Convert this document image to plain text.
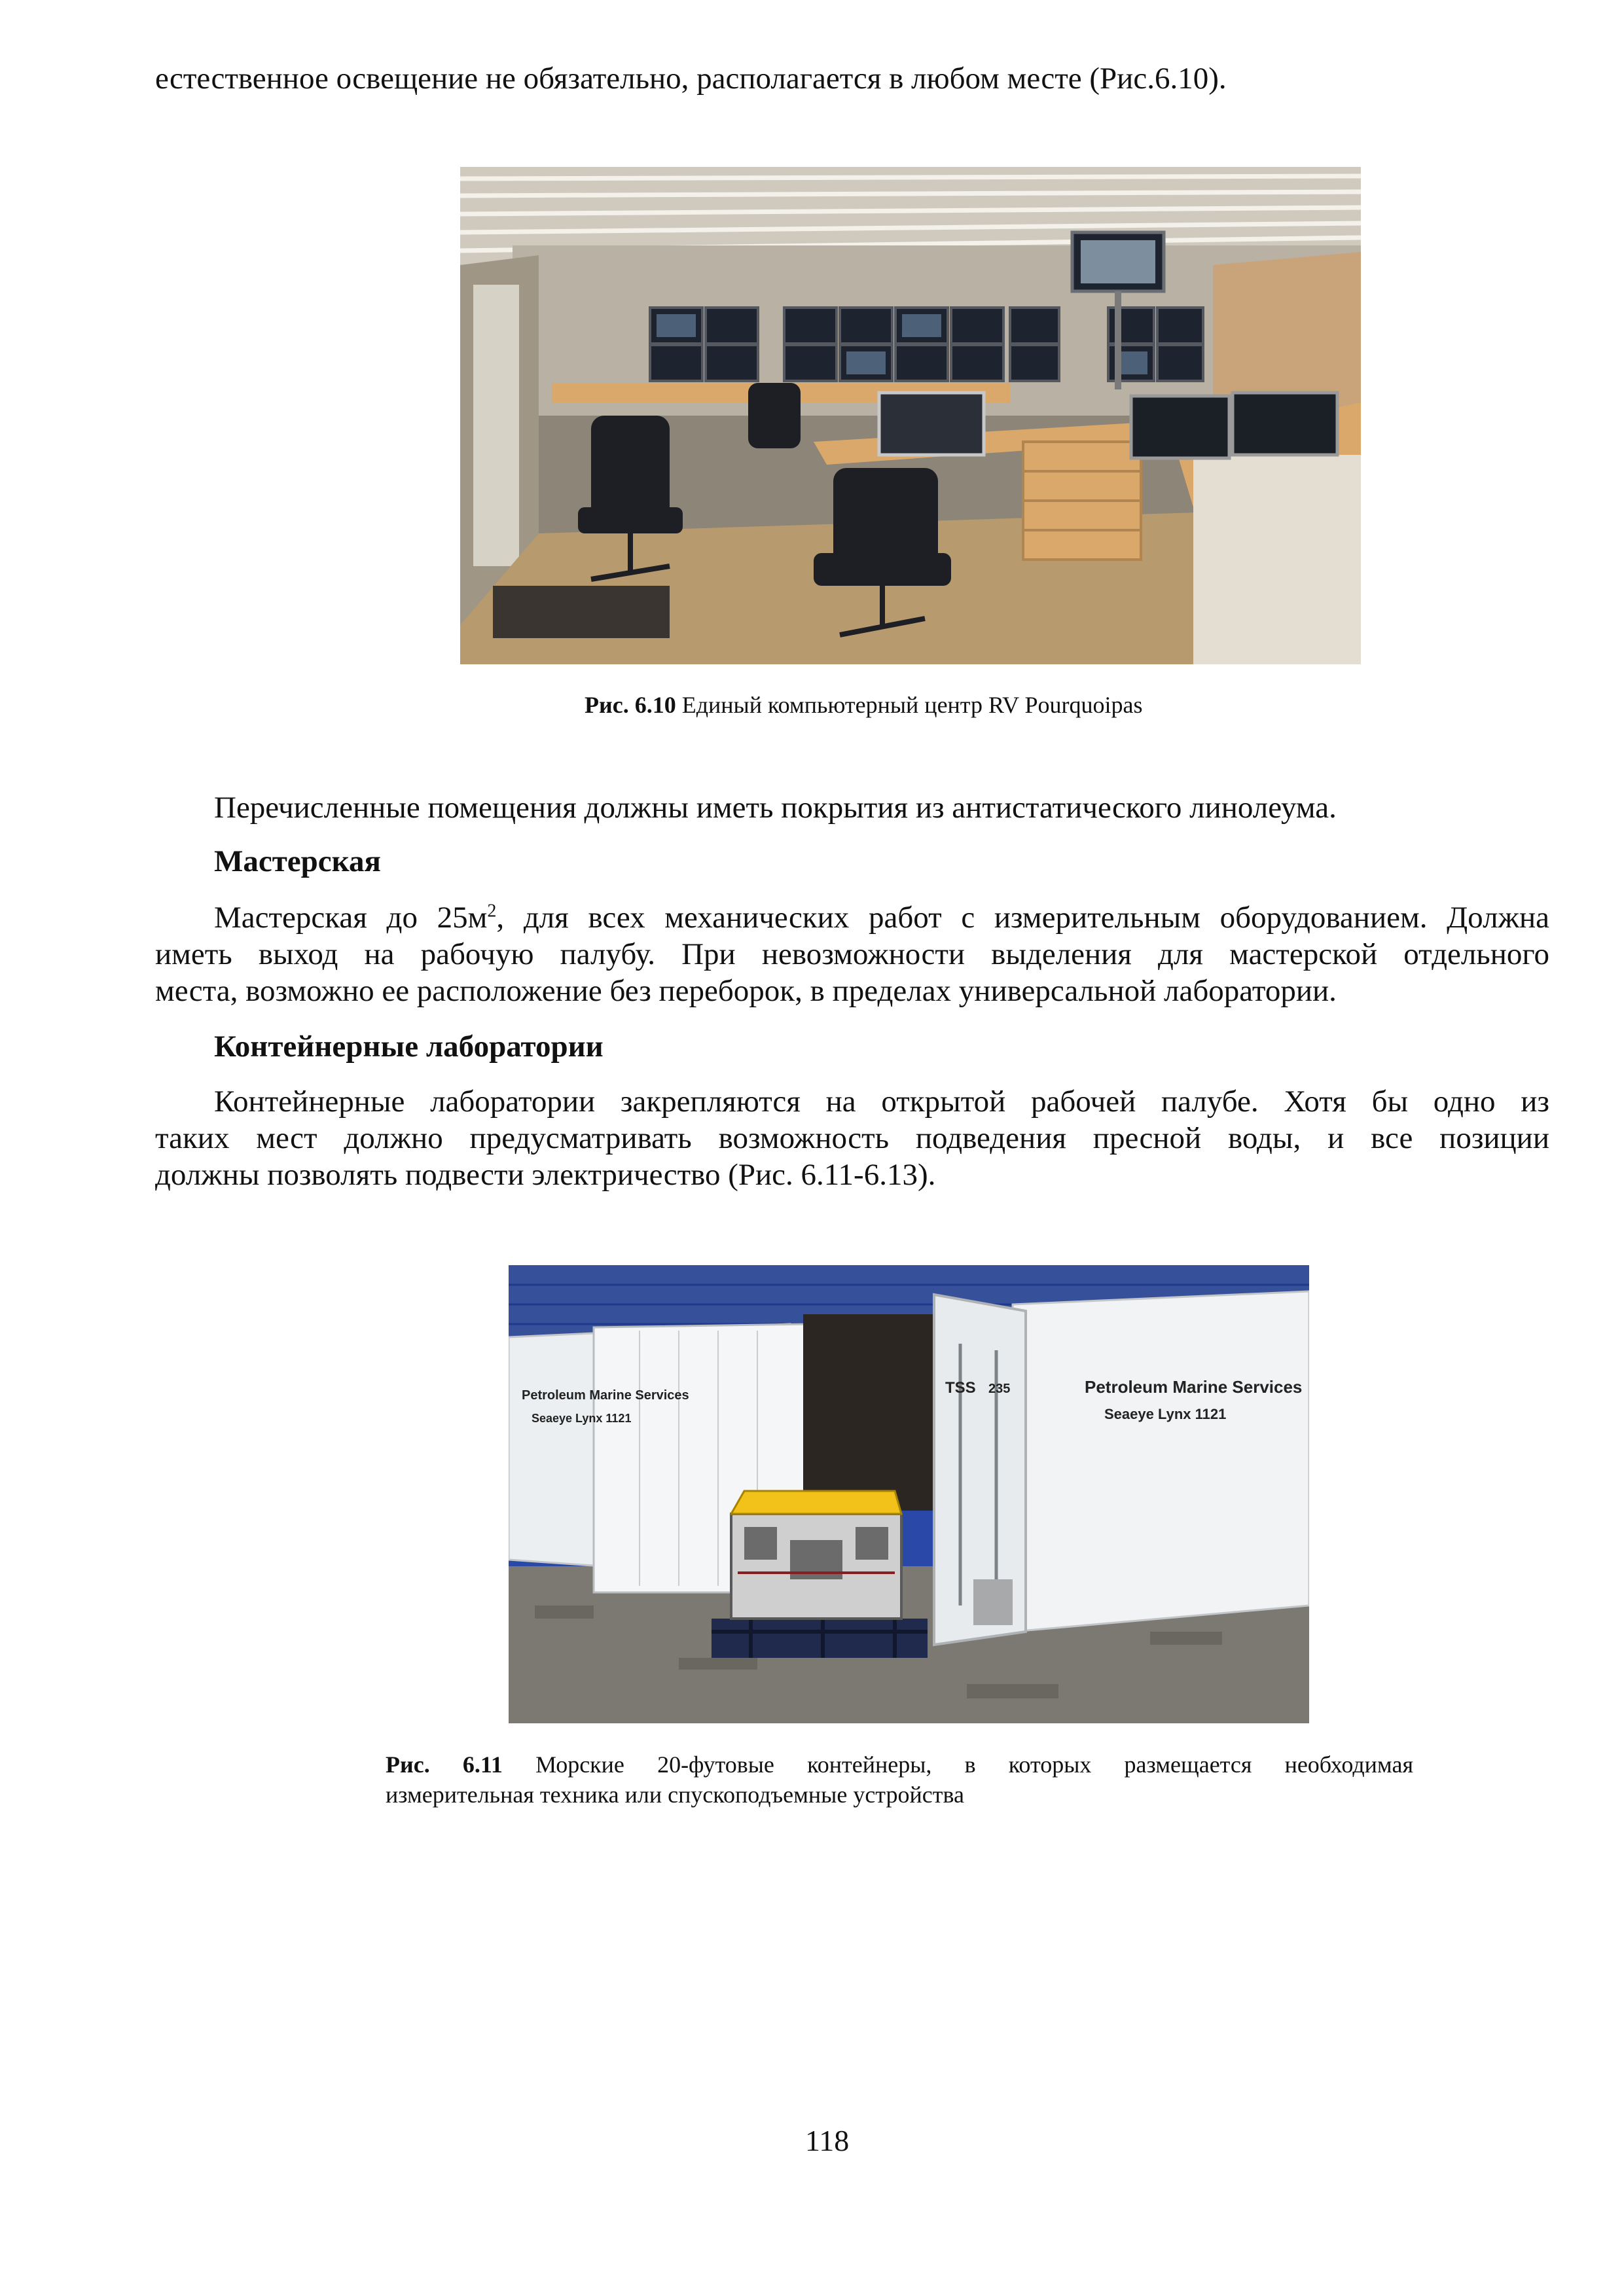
естественное освещение не обязательно, располагается в любом месте (Рис.6.10).

Рис. 6.10 Единый компьютерный центр RV Pourquoipas

Перечисленные помещения должны иметь покрытия из антистатического линолеума.

Мастерская

Мастерская до $25м^2$, для всех механических работ с измерительным оборудованием. Должна

иметь выход на рабочую палубу. При невозможности выделения для мастерской отдельного

места, возможно ее расположение без переборок, в пределах универсальной лаборатории.

Контейнерные лаборатории

Контейнерные лаборатории закрепляются на открытой рабочей палубе. Хотя бы одно из

таких мест должно предусматривать возможность подведения пресной воды, и все позиции

должны позволять подвести электричество (Рис. 6.11-6.13).

Petroleum Marine Services
Seaeye Lynx 1121
TSS 235	Petroleum Marine Services
Seaeye Lynx 1121

Рис. 6.11 Морские 20-футовые контейнеры, в которых размещается необходимая

измерительная техника или спускоподъемные устройства

118
